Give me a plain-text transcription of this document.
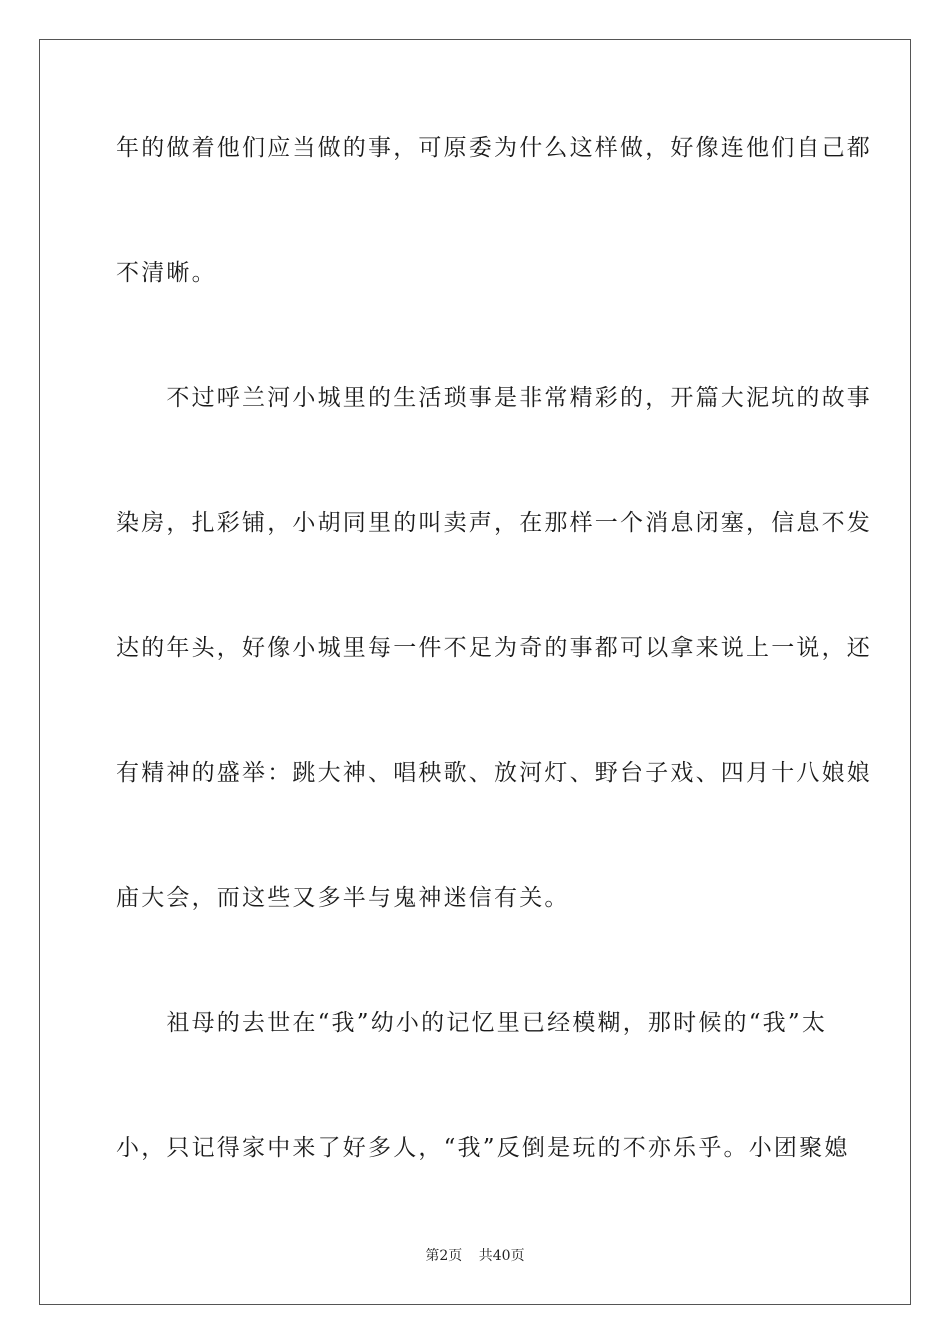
年的做着他们应当做的事，可原委为什么这样做，好像连他们自己都
不清晰。
　　不过呼兰河小城里的生活琐事是非常精彩的，开篇大泥坑的故事
染房，扎彩铺，小胡同里的叫卖声，在那样一个消息闭塞，信息不发
达的年头，好像小城里每一件不足为奇的事都可以拿来说上一说，还
有精神的盛举：跳大神、唱秧歌、放河灯、野台子戏、四月十八娘娘
庙大会，而这些又多半与鬼神迷信有关。
　　祖母的去世在“我”幼小的记忆里已经模糊，那时候的“我”太
小，只记得家中来了好多人，“我”反倒是玩的不亦乐乎。小团聚媳
第2页 共40页
